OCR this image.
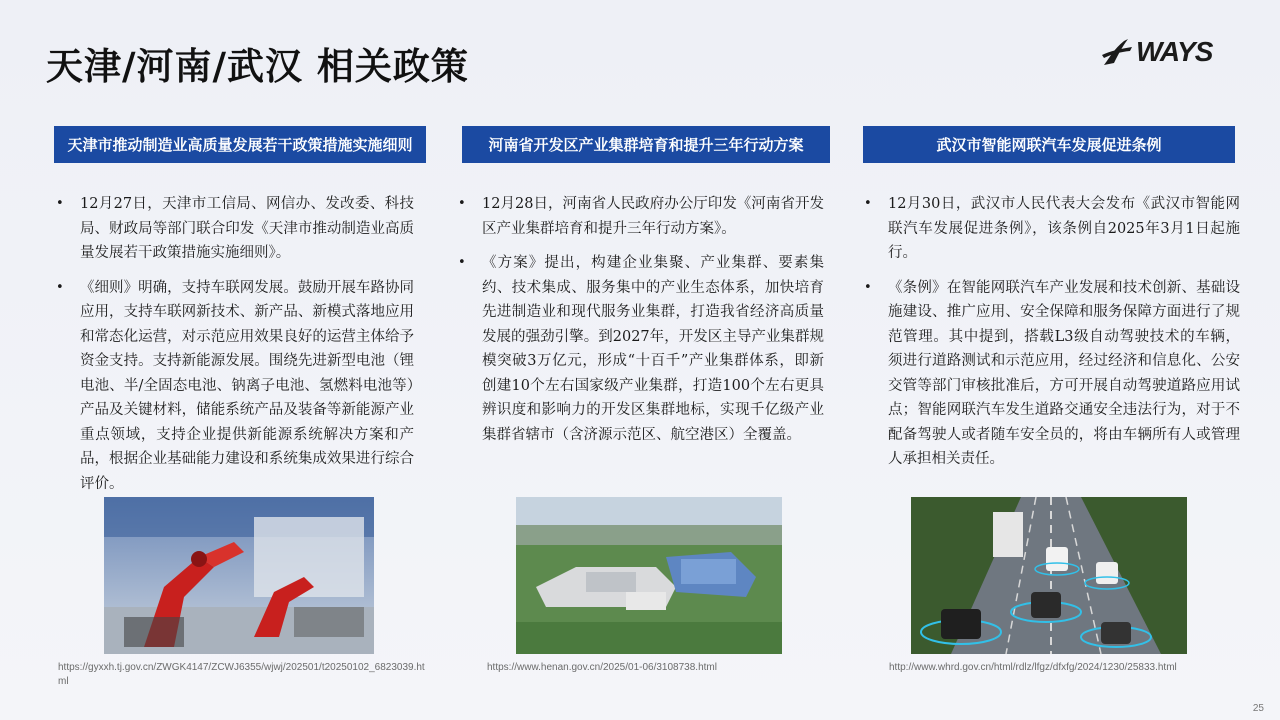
天津/河南/武汉 相关政策	WAYS
天津市推动制造业高质量发展若干政策措施实施细则
• 12月27日，天津市工信局、网信办、发改委、科技局、财政局等部门联合印发《天津市推动制造业高质量发展若干政策措施实施细则》。
• 《细则》明确，支持车联网发展。鼓励开展车路协同应用，支持车联网新技术、新产品、新模式落地应用和常态化运营，对示范应用效果良好的运营主体给予资金支持。支持新能源发展。围绕先进新型电池（锂电池、半/全固态电池、钠离子电池、氢燃料电池等）产品及关键材料，储能系统产品及装备等新能源产业重点领域，支持企业提供新能源系统解决方案和产品，根据企业基础能力建设和系统集成效果进行综合评价。
https://gyxxh.tj.gov.cn/ZWGK4147/ZCWJ6355/wjwj/202501/t20250102_6823039.html
河南省开发区产业集群培育和提升三年行动方案
• 12月28日，河南省人民政府办公厅印发《河南省开发区产业集群培育和提升三年行动方案》。
• 《方案》提出，构建企业集聚、产业集群、要素集约、技术集成、服务集中的产业生态体系，加快培育先进制造业和现代服务业集群，打造我省经济高质量发展的强劲引擎。到2027年，开发区主导产业集群规模突破3万亿元，形成“十百千”产业集群体系，即新创建10个左右国家级产业集群，打造100个左右更具辨识度和影响力的开发区集群地标，实现千亿级产业集群省辖市（含济源示范区、航空港区）全覆盖。
https://www.henan.gov.cn/2025/01-06/3108738.html
武汉市智能网联汽车发展促进条例
• 12月30日，武汉市人民代表大会发布《武汉市智能网联汽车发展促进条例》，该条例自2025年3月1日起施行。
• 《条例》在智能网联汽车产业发展和技术创新、基础设施建设、推广应用、安全保障和服务保障方面进行了规范管理。其中提到，搭载L3级自动驾驶技术的车辆，须进行道路测试和示范应用，经过经济和信息化、公安交管等部门审核批准后，方可开展自动驾驶道路应用试点；智能网联汽车发生道路交通安全违法行为，对于不配备驾驶人或者随车安全员的，将由车辆所有人或管理人承担相关责任。
http://www.whrd.gov.cn/html/rdlz/lfgz/dfxfg/2024/1230/25833.html
25
